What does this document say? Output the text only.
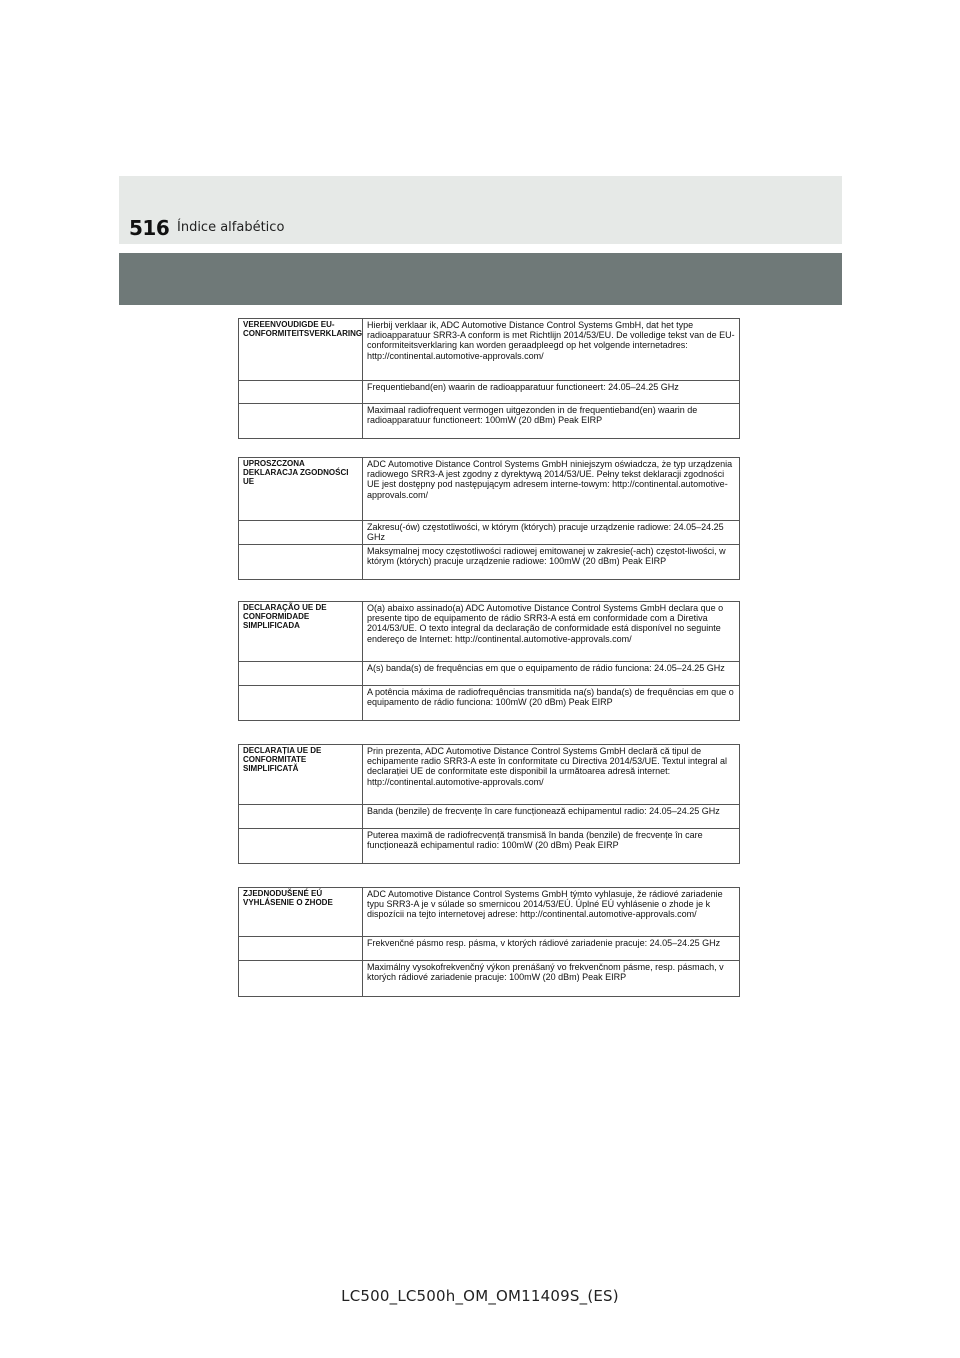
516 Índice alfabético
VEREENVOUDIGDE EU-CONFORMITEITSVERKLARING	Hierbij verklaar ik, ADC Automotive Distance Control Systems GmbH, dat het type radioapparatuur SRR3-A conform is met Richtlijn 2014/53/EU. De volledige tekst van de EU-conformiteitsverklaring kan worden geraadpleegd op het volgende internetadres: http://continental.automotive-approvals.com/
	Frequentieband(en) waarin de radioapparatuur functioneert: 24.05–24.25 GHz
	Maximaal radiofrequent vermogen uitgezonden in de frequentieband(en) waarin de radioapparatuur functioneert: 100mW (20 dBm) Peak EIRP
UPROSZCZONA DEKLARACJA ZGODNOŚCI UE	ADC Automotive Distance Control Systems GmbH niniejszym oświadcza, że typ urządzenia radiowego SRR3-A jest zgodny z dyrektywą 2014/53/UE. Pełny tekst deklaracji zgodności UE jest dostępny pod następującym adresem interne-towym: http://continental.automotive-approvals.com/
	Zakresu(-ów) częstotliwości, w którym (których) pracuje urządzenie radiowe: 24.05–24.25 GHz
	Maksymalnej mocy częstotliwości radiowej emitowanej w zakresie(-ach) częstot-liwości, w którym (których) pracuje urządzenie radiowe: 100mW (20 dBm) Peak EIRP
DECLARAÇÃO UE DE CONFORMIDADE SIMPLIFICADA	O(a) abaixo assinado(a) ADC Automotive Distance Control Systems GmbH declara que o presente tipo de equipamento de rádio SRR3-A está em conformidade com a Diretiva 2014/53/UE. O texto integral da declaração de conformidade está disponível no seguinte endereço de Internet: http://continental.automotive-approvals.com/
	A(s) banda(s) de frequências em que o equipamento de rádio funciona: 24.05–24.25 GHz
	A potência máxima de radiofrequências transmitida na(s) banda(s) de frequências em que o equipamento de rádio funciona: 100mW (20 dBm) Peak EIRP
DECLARAȚIA UE DE CONFORMITATE SIMPLIFICATĂ	Prin prezenta, ADC Automotive Distance Control Systems GmbH declară că tipul de echipamente radio SRR3-A este în conformitate cu Directiva 2014/53/UE. Textul integral al declarației UE de conformitate este disponibil la următoarea adresă internet: http://continental.automotive-approvals.com/
	Banda (benzile) de frecvențe în care funcționează echipamentul radio: 24.05–24.25 GHz
	Puterea maximă de radiofrecvență transmisă în banda (benzile) de frecvențe în care funcționează echipamentul radio: 100mW (20 dBm) Peak EIRP
ZJEDNODUŠENÉ EÚ VYHLÁSENIE O ZHODE	ADC Automotive Distance Control Systems GmbH týmto vyhlasuje, že rádiové zariadenie typu SRR3-A je v súlade so smernicou 2014/53/EÚ. Úplné EÚ vyhlásenie o zhode je k dispozícii na tejto internetovej adrese: http://continental.automotive-approvals.com/
	Frekvenčné pásmo resp. pásma, v ktorých rádiové zariadenie pracuje: 24.05–24.25 GHz
	Maximálny vysokofrekvenčný výkon prenášaný vo frekvenčnom pásme, resp. pásmach, v ktorých rádiové zariadenie pracuje: 100mW (20 dBm) Peak EIRP
LC500_LC500h_OM_OM11409S_(ES)
